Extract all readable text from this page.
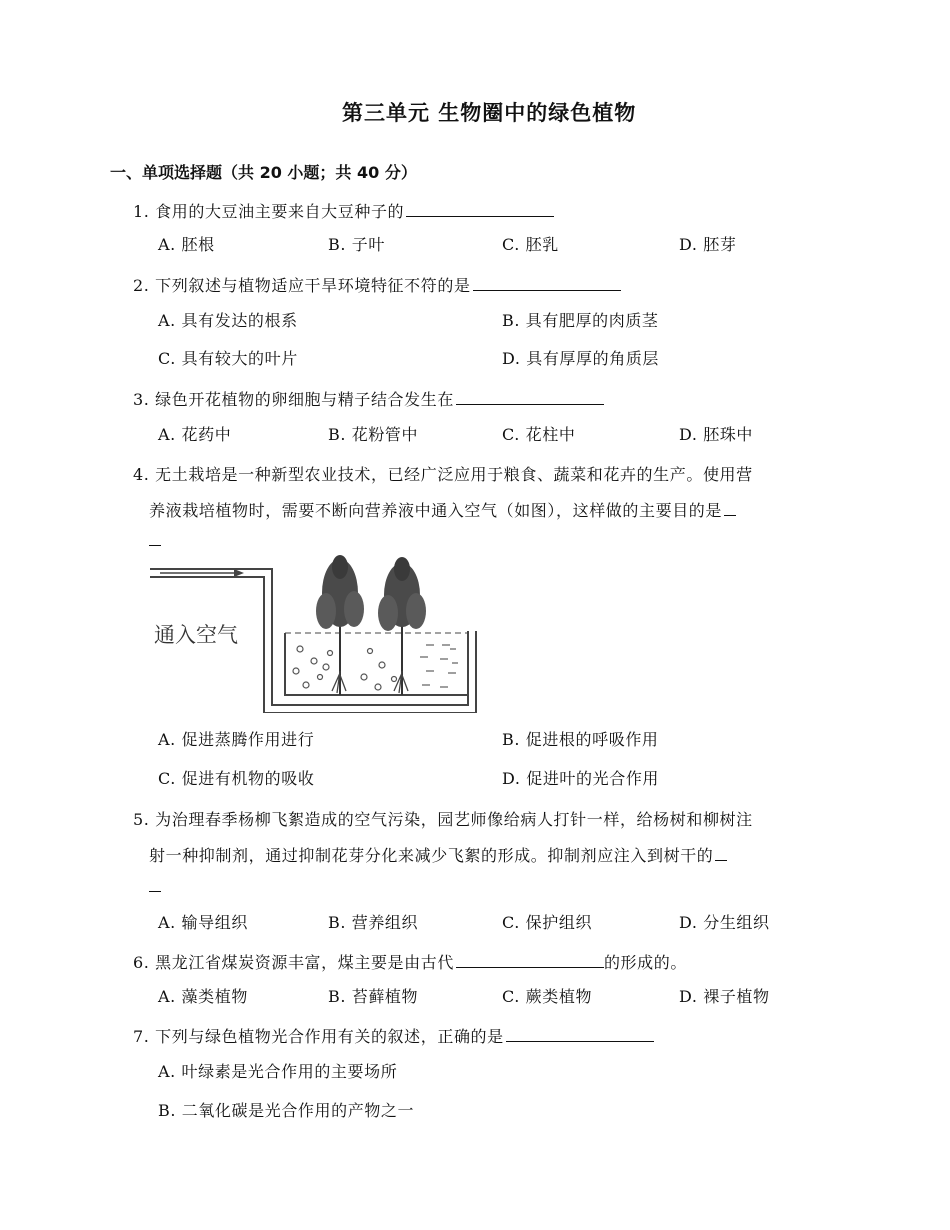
第三单元 生物圈中的绿色植物
一、单项选择题（共 20 小题；共 40 分）
1. 食用的大豆油主要来自大豆种子的
A. 胚根	B. 子叶	C. 胚乳	D. 胚芽
2. 下列叙述与植物适应干旱环境特征不符的是
A. 具有发达的根系	B. 具有肥厚的肉质茎
C. 具有较大的叶片	D. 具有厚厚的角质层
3. 绿色开花植物的卵细胞与精子结合发生在
A. 花药中	B. 花粉管中	C. 花柱中	D. 胚珠中
4. 无土栽培是一种新型农业技术，已经广泛应用于粮食、蔬菜和花卉的生产。使用营
养液栽培植物时，需要不断向营养液中通入空气（如图），这样做的主要目的是
通入空气
A. 促进蒸腾作用进行	B. 促进根的呼吸作用
C. 促进有机物的吸收	D. 促进叶的光合作用
5. 为治理春季杨柳飞絮造成的空气污染，园艺师像给病人打针一样，给杨树和柳树注
射一种抑制剂，通过抑制花芽分化来减少飞絮的形成。抑制剂应注入到树干的
A. 输导组织	B. 营养组织	C. 保护组织	D. 分生组织
6. 黑龙江省煤炭资源丰富，煤主要是由古代	的形成的。
A. 藻类植物	B. 苔藓植物	C. 蕨类植物	D. 裸子植物
7. 下列与绿色植物光合作用有关的叙述，正确的是
A. 叶绿素是光合作用的主要场所
B. 二氧化碳是光合作用的产物之一
